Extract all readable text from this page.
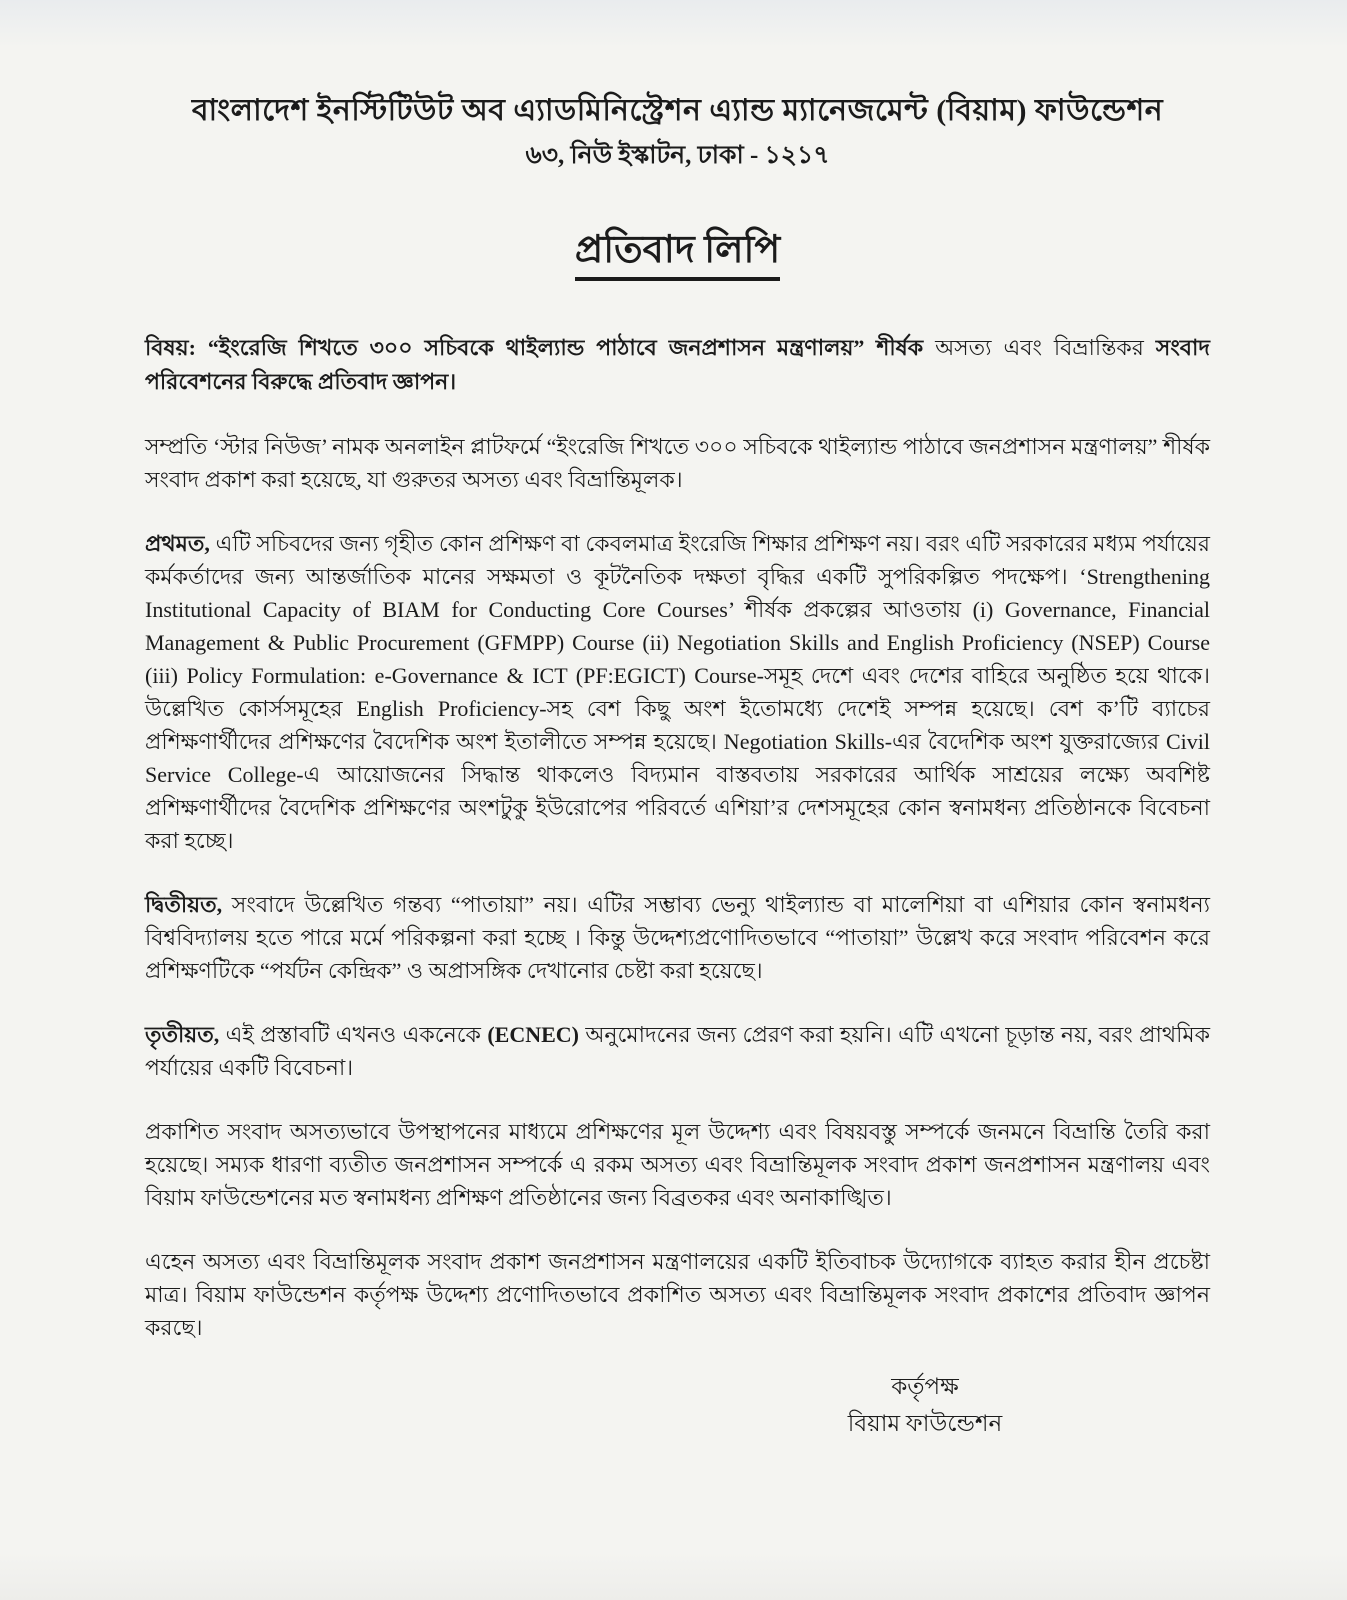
বাংলাদেশ ইনস্টিটিউট অব এ্যাডমিনিস্ট্রেশন এ্যান্ড ম্যানেজমেন্ট (বিয়াম) ফাউন্ডেশন
৬৩, নিউ ইস্কাটন, ঢাকা - ১২১৭
প্রতিবাদ লিপি

বিষয়: “ইংরেজি শিখতে ৩০০ সচিবকে থাইল্যান্ড পাঠাবে জনপ্রশাসন মন্ত্রণালয়” শীর্ষক অসত্য এবং বিভ্রান্তিকর সংবাদ পরিবেশনের বিরুদ্ধে প্রতিবাদ জ্ঞাপন।

সম্প্রতি ‘স্টার নিউজ’ নামক অনলাইন প্লাটফর্মে “ইংরেজি শিখতে ৩০০ সচিবকে থাইল্যান্ড পাঠাবে জনপ্রশাসন মন্ত্রণালয়” শীর্ষক সংবাদ প্রকাশ করা হয়েছে, যা গুরুতর অসত্য এবং বিভ্রান্তিমূলক।

প্রথমত, এটি সচিবদের জন্য গৃহীত কোন প্রশিক্ষণ বা কেবলমাত্র ইংরেজি শিক্ষার প্রশিক্ষণ নয়। বরং এটি সরকারের মধ্যম পর্যায়ের কর্মকর্তাদের জন্য আন্তর্জাতিক মানের সক্ষমতা ও কূটনৈতিক দক্ষতা বৃদ্ধির একটি সুপরিকল্পিত পদক্ষেপ। ‘Strengthening Institutional Capacity of BIAM for Conducting Core Courses’ শীর্ষক প্রকল্পের আওতায় (i) Governance, Financial Management & Public Procurement (GFMPP) Course (ii) Negotiation Skills and English Proficiency (NSEP) Course (iii) Policy Formulation: e-Governance & ICT (PF:EGICT) Course-সমূহ দেশে এবং দেশের বাহিরে অনুষ্ঠিত হয়ে থাকে। উল্লেখিত কোর্সসমূহের English Proficiency-সহ বেশ কিছু অংশ ইতোমধ্যে দেশেই সম্পন্ন হয়েছে। বেশ ক’টি ব্যাচের প্রশিক্ষণার্থীদের প্রশিক্ষণের বৈদেশিক অংশ ইতালীতে সম্পন্ন হয়েছে। Negotiation Skills-এর বৈদেশিক অংশ যুক্তরাজ্যের Civil Service College-এ আয়োজনের সিদ্ধান্ত থাকলেও বিদ্যমান বাস্তবতায় সরকারের আর্থিক সাশ্রয়ের লক্ষ্যে অবশিষ্ট প্রশিক্ষণার্থীদের বৈদেশিক প্রশিক্ষণের অংশটুকু ইউরোপের পরিবর্তে এশিয়া’র দেশসমূহের কোন স্বনামধন্য প্রতিষ্ঠানকে বিবেচনা করা হচ্ছে।

দ্বিতীয়ত, সংবাদে উল্লেখিত গন্তব্য “পাতায়া” নয়। এটির সম্ভাব্য ভেন্যু থাইল্যান্ড বা মালেশিয়া বা এশিয়ার কোন স্বনামধন্য বিশ্ববিদ্যালয় হতে পারে মর্মে পরিকল্পনা করা হচ্ছে । কিন্তু উদ্দেশ্যপ্রণোদিতভাবে “পাতায়া” উল্লেখ করে সংবাদ পরিবেশন করে প্রশিক্ষণটিকে “পর্যটন কেন্দ্রিক” ও অপ্রাসঙ্গিক দেখানোর চেষ্টা করা হয়েছে।

তৃতীয়ত, এই প্রস্তাবটি এখনও একনেকে (ECNEC) অনুমোদনের জন্য প্রেরণ করা হয়নি। এটি এখনো চূড়ান্ত নয়, বরং প্রাথমিক পর্যায়ের একটি বিবেচনা।

প্রকাশিত সংবাদ অসত্যভাবে উপস্থাপনের মাধ্যমে প্রশিক্ষণের মূল উদ্দেশ্য এবং বিষয়বস্তু সম্পর্কে জনমনে বিভ্রান্তি তৈরি করা হয়েছে। সম্যক ধারণা ব্যতীত জনপ্রশাসন সম্পর্কে এ রকম অসত্য এবং বিভ্রান্তিমূলক সংবাদ প্রকাশ জনপ্রশাসন মন্ত্রণালয় এবং বিয়াম ফাউন্ডেশনের মত স্বনামধন্য প্রশিক্ষণ প্রতিষ্ঠানের জন্য বিব্রতকর এবং অনাকাঙ্খিত।

এহেন অসত্য এবং বিভ্রান্তিমূলক সংবাদ প্রকাশ জনপ্রশাসন মন্ত্রণালয়ের একটি ইতিবাচক উদ্যোগকে ব্যাহত করার হীন প্রচেষ্টা মাত্র। বিয়াম ফাউন্ডেশন কর্তৃপক্ষ উদ্দেশ্য প্রণোদিতভাবে প্রকাশিত অসত্য এবং বিভ্রান্তিমূলক সংবাদ প্রকাশের প্রতিবাদ জ্ঞাপন করছে।

কর্তৃপক্ষ
বিয়াম ফাউন্ডেশন
